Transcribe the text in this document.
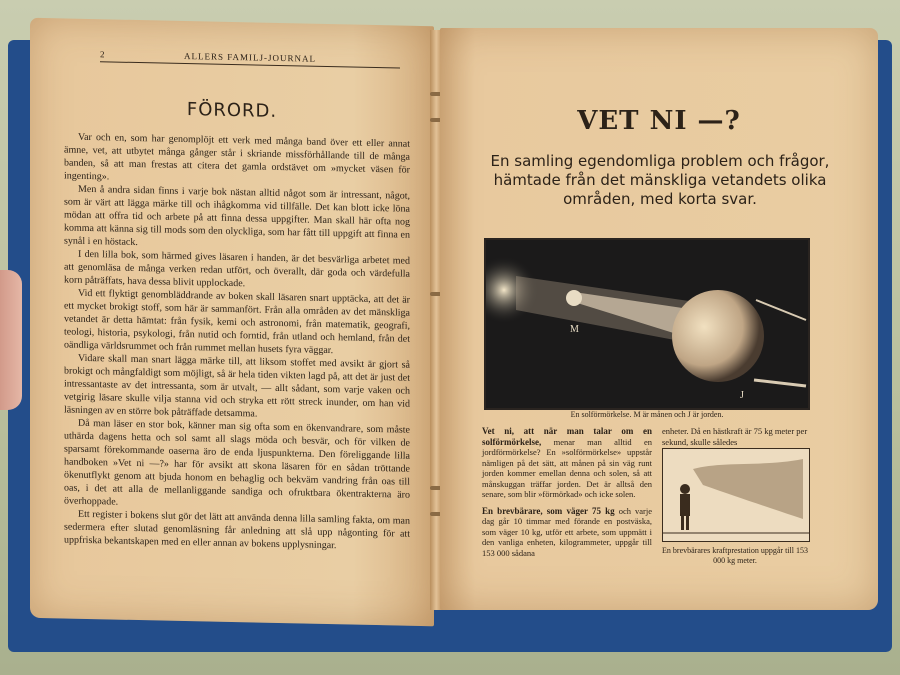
2	ALLERS FAMILJ-JOURNAL
FÖRORD.

Var och en, som har genomplöjt ett verk med många band över ett eller annat ämne, vet, att utbytet många gånger står i skriande missförhållande till de många banden, så att man frestas att citera det gamla ordstävet om »mycket väsen för ingenting».

Men å andra sidan finns i varje bok nästan alltid något som är intressant, något, som är värt att lägga märke till och ihågkomma vid tillfälle. Det kan blott icke löna mödan att offra tid och arbete på att finna dessa uppgifter. Man skall här ofta nog komma att känna sig till mods som den olyckliga, som har fått till uppgift att finna en synål i en höstack.

I den lilla bok, som härmed gives läsaren i handen, är det besvärliga arbetet med att genomläsa de många verken redan utfört, och överallt, där goda och värdefulla korn påträffats, hava dessa blivit upplockade.

Vid ett flyktigt genombläddrande av boken skall läsaren snart upptäcka, att det är ett mycket brokigt stoff, som här är sammanfört. Från alla områden av det mänskliga vetandet är detta hämtat: från fysik, kemi och astronomi, från matematik, geografi, teologi, historia, psykologi, från nutid och forntid, från utland och hemland, från det oändliga världsrummet och från rummet mellan husets fyra väggar.

Vidare skall man snart lägga märke till, att liksom stoffet med avsikt är gjort så brokigt och mångfaldigt som möjligt, så är hela tiden vikten lagd på, att det är just det intressantaste av det intressanta, som är utvalt, — allt sådant, som varje vaken och vetgirig läsare skulle vilja stanna vid och stryka ett rött streck inunder, om han vid läsningen av en större bok påträffade detsamma.

Då man läser en stor bok, känner man sig ofta som en ökenvandrare, som måste uthärda dagens hetta och sol samt all slags möda och besvär, och för vilken de sparsamt förekommande oaserna äro de enda ljuspunkterna. Den föreliggande lilla handboken »Vet ni —?» har för avsikt att skona läsaren för en sådan tröttande ökenutflykt genom att bjuda honom en behaglig och bekväm vandring från oas till oas, i det att alla de mellanliggande sandiga och ofruktbara ökentrakterna äro överhoppade.

Ett register i bokens slut gör det lätt att använda denna lilla samling fakta, om man sedermera efter slutad genomläsning får anledning att slå upp någonting för att uppfriska bekantskapen med en eller annan av bokens upplysningar.

VET NI —?
En samling egendomliga problem och frågor, hämtade från det mänskliga vetandets olika områden, med korta svar.
M
J
En solförmörkelse. M är månen och J är jorden.

Vet ni, att när man talar om en solförmörkelse, menar man alltid en jordförmörkelse? En »solförmörkelse» uppstår nämligen på det sätt, att månen på sin väg runt jorden kommer emellan denna och solen, så att månskuggan träffar jorden. Det är alltså den senare, som blir »förmörkad» och icke solen.

En brevbärare, som väger 75 kg och varje dag går 10 timmar med förande en postväska, som väger 10 kg, utför ett arbete, som uppmätt i den vanliga enheten, kilogrammeter, uppgår till 153 000 sådana

enheter. Då en hästkraft är 75 kg meter per sekund, skulle således
En brevbärares kraftprestation uppgår till 153 000 kg meter.
